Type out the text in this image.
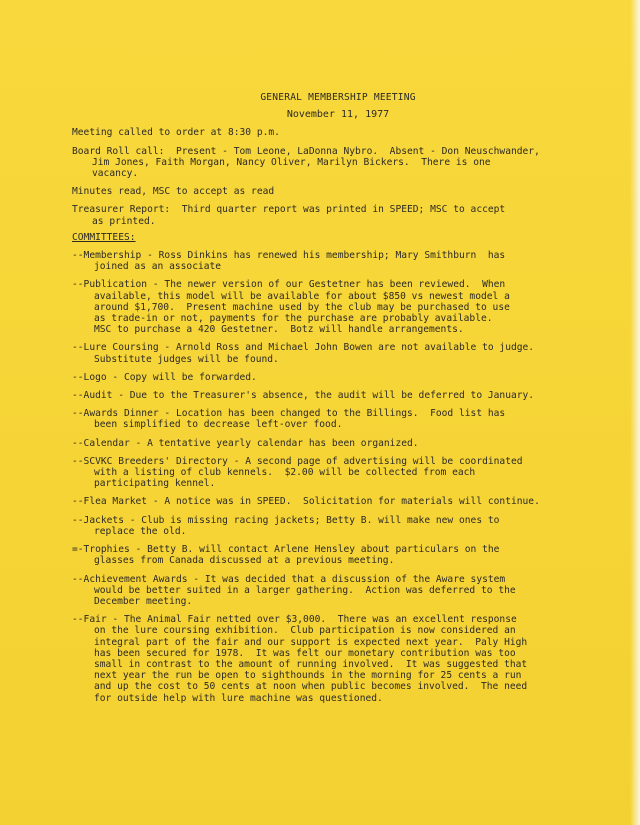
GENERAL MEMBERSHIP MEETING
November 11, 1977
Meeting called to order at 8:30 p.m.
Board Roll call:  Present - Tom Leone, LaDonna Nybro.  Absent - Don Neuschwander,
Jim Jones, Faith Morgan, Nancy Oliver, Marilyn Bickers.  There is one
vacancy.
Minutes read, MSC to accept as read
Treasurer Report:  Third quarter report was printed in SPEED; MSC to accept
as printed.
COMMITTEES:
--Membership - Ross Dinkins has renewed his membership; Mary Smithburn  has
joined as an associate
--Publication - The newer version of our Gestetner has been reviewed.  When
available, this model will be available for about $850 vs newest model a
around $1,700.  Present machine used by the club may be purchased to use
as trade-in or not, payments for the purchase are probably available.
MSC to purchase a 420 Gestetner.  Botz will handle arrangements.
--Lure Coursing - Arnold Ross and Michael John Bowen are not available to judge.
Substitute judges will be found.
--Logo - Copy will be forwarded.
--Audit - Due to the Treasurer's absence, the audit will be deferred to January.
--Awards Dinner - Location has been changed to the Billings.  Food list has
been simplified to decrease left-over food.
--Calendar - A tentative yearly calendar has been organized.
--SCVKC Breeders' Directory - A second page of advertising will be coordinated
with a listing of club kennels.  $2.00 will be collected from each
participating kennel.
--Flea Market - A notice was in SPEED.  Solicitation for materials will continue.
--Jackets - Club is missing racing jackets; Betty B. will make new ones to
replace the old.
=-Trophies - Betty B. will contact Arlene Hensley about particulars on the
glasses from Canada discussed at a previous meeting.
--Achievement Awards - It was decided that a discussion of the Aware system
would be better suited in a larger gathering.  Action was deferred to the
December meeting.
--Fair - The Animal Fair netted over $3,000.  There was an excellent response
on the lure coursing exhibition.  Club participation is now considered an
integral part of the fair and our support is expected next year.  Paly High
has been secured for 1978.  It was felt our monetary contribution was too
small in contrast to the amount of running involved.  It was suggested that
next year the run be open to sighthounds in the morning for 25 cents a run
and up the cost to 50 cents at noon when public becomes involved.  The need
for outside help with lure machine was questioned.
